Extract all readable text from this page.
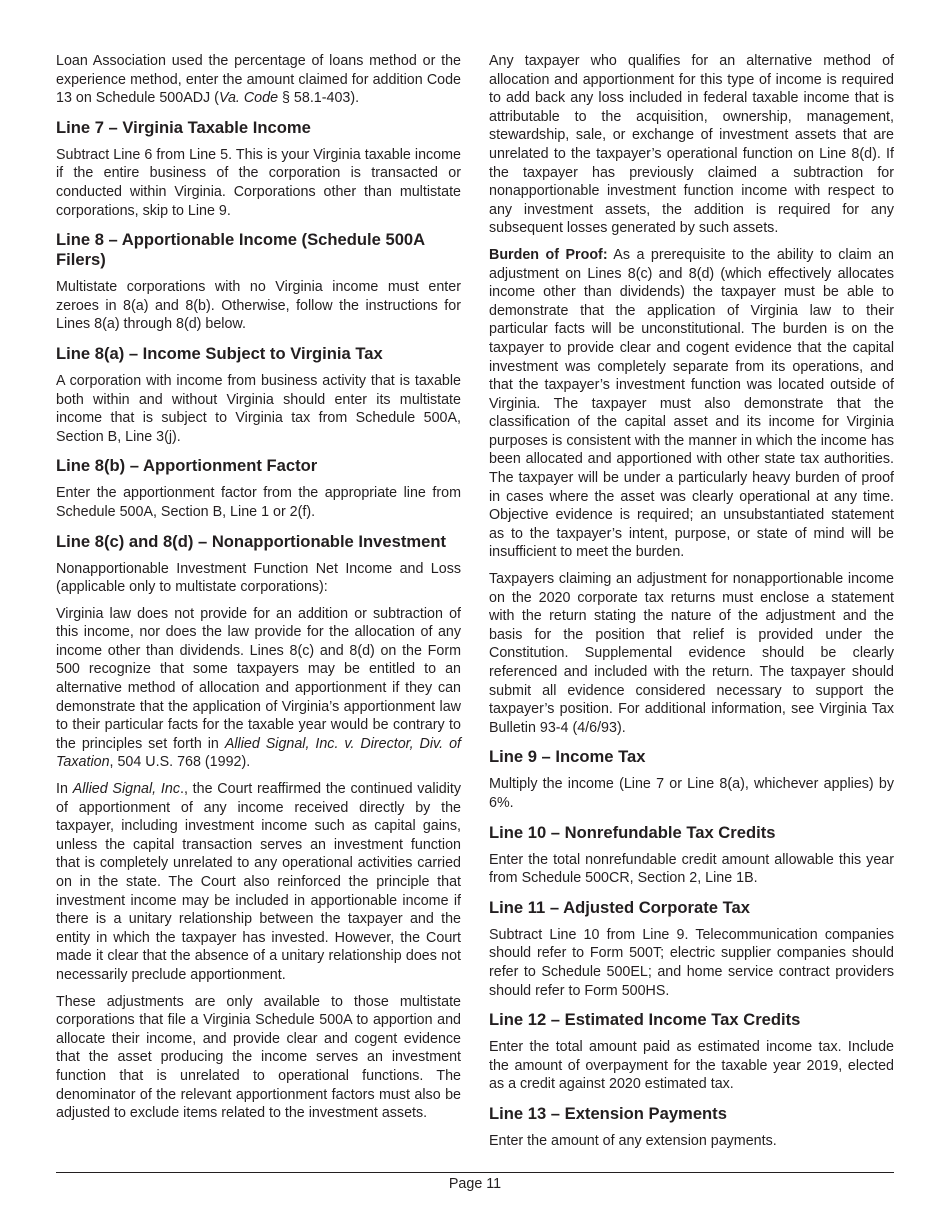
Loan Association used the percentage of loans method or the experience method, enter the amount claimed for addition Code 13 on Schedule 500ADJ (Va. Code § 58.1-403).

Line 7 – Virginia Taxable Income

Subtract Line 6 from Line 5. This is your Virginia taxable income if the entire business of the corporation is transacted or conducted within Virginia. Corporations other than multistate corporations, skip to Line 9.

Line 8 – Apportionable Income (Schedule 500A Filers)

Multistate corporations with no Virginia income must enter zeroes in 8(a) and 8(b). Otherwise, follow the instructions for Lines 8(a) through 8(d) below.

Line 8(a) – Income Subject to Virginia Tax

A corporation with income from business activity that is taxable both within and without Virginia should enter its multistate income that is subject to Virginia tax from Schedule 500A, Section B, Line 3(j).

Line 8(b) – Apportionment Factor

Enter the apportionment factor from the appropriate line from Schedule 500A, Section B, Line 1 or 2(f).

Line 8(c) and 8(d) – Nonapportionable Investment

Nonapportionable Investment Function Net Income and Loss (applicable only to multistate corporations):

Virginia law does not provide for an addition or subtraction of this income, nor does the law provide for the allocation of any income other than dividends. Lines 8(c) and 8(d) on the Form 500 recognize that some taxpayers may be entitled to an alternative method of allocation and apportionment if they can demonstrate that the application of Virginia’s apportionment law to their particular facts for the taxable year would be contrary to the principles set forth in Allied Signal, Inc. v. Director, Div. of Taxation, 504 U.S. 768 (1992).

In Allied Signal, Inc., the Court reaffirmed the continued validity of apportionment of any income received directly by the taxpayer, including investment income such as capital gains, unless the capital transaction serves an investment function that is completely unrelated to any operational activities carried on in the state. The Court also reinforced the principle that investment income may be included in apportionable income if there is a unitary relationship between the taxpayer and the entity in which the taxpayer has invested. However, the Court made it clear that the absence of a unitary relationship does not necessarily preclude apportionment.

These adjustments are only available to those multistate corporations that file a Virginia Schedule 500A to apportion and allocate their income, and provide clear and cogent evidence that the asset producing the income serves an investment function that is unrelated to operational functions. The denominator of the relevant apportionment factors must also be adjusted to exclude items related to the investment assets.

Any taxpayer who qualifies for an alternative method of allocation and apportionment for this type of income is required to add back any loss included in federal taxable income that is attributable to the acquisition, ownership, management, stewardship, sale, or exchange of investment assets that are unrelated to the taxpayer’s operational function on Line 8(d). If the taxpayer has previously claimed a subtraction for nonapportionable investment function income with respect to any investment assets, the addition is required for any subsequent losses generated by such assets.

Burden of Proof: As a prerequisite to the ability to claim an adjustment on Lines 8(c) and 8(d) (which effectively allocates income other than dividends) the taxpayer must be able to demonstrate that the application of Virginia law to their particular facts will be unconstitutional. The burden is on the taxpayer to provide clear and cogent evidence that the capital investment was completely separate from its operations, and that the taxpayer’s investment function was located outside of Virginia. The taxpayer must also demonstrate that the classification of the capital asset and its income for Virginia purposes is consistent with the manner in which the income has been allocated and apportioned with other state tax authorities. The taxpayer will be under a particularly heavy burden of proof in cases where the asset was clearly operational at any time. Objective evidence is required; an unsubstantiated statement as to the taxpayer’s intent, purpose, or state of mind will be insufficient to meet the burden.

Taxpayers claiming an adjustment for nonapportionable income on the 2020 corporate tax returns must enclose a statement with the return stating the nature of the adjustment and the basis for the position that relief is provided under the Constitution. Supplemental evidence should be clearly referenced and included with the return. The taxpayer should submit all evidence considered necessary to support the taxpayer’s position. For additional information, see Virginia Tax Bulletin 93-4 (4/6/93).

Line 9 – Income Tax

Multiply the income (Line 7 or Line 8(a), whichever applies) by 6%.

Line 10 – Nonrefundable Tax Credits

Enter the total nonrefundable credit amount allowable this year from Schedule 500CR, Section 2, Line 1B.

Line 11 – Adjusted Corporate Tax

Subtract Line 10 from Line 9. Telecommunication companies should refer to Form 500T; electric supplier companies should refer to Schedule 500EL; and home service contract providers should refer to Form 500HS.

Line 12 – Estimated Income Tax Credits

Enter the total amount paid as estimated income tax. Include the amount of overpayment for the taxable year 2019, elected as a credit against 2020 estimated tax.

Line 13 – Extension Payments

Enter the amount of any extension payments.

Page 11
